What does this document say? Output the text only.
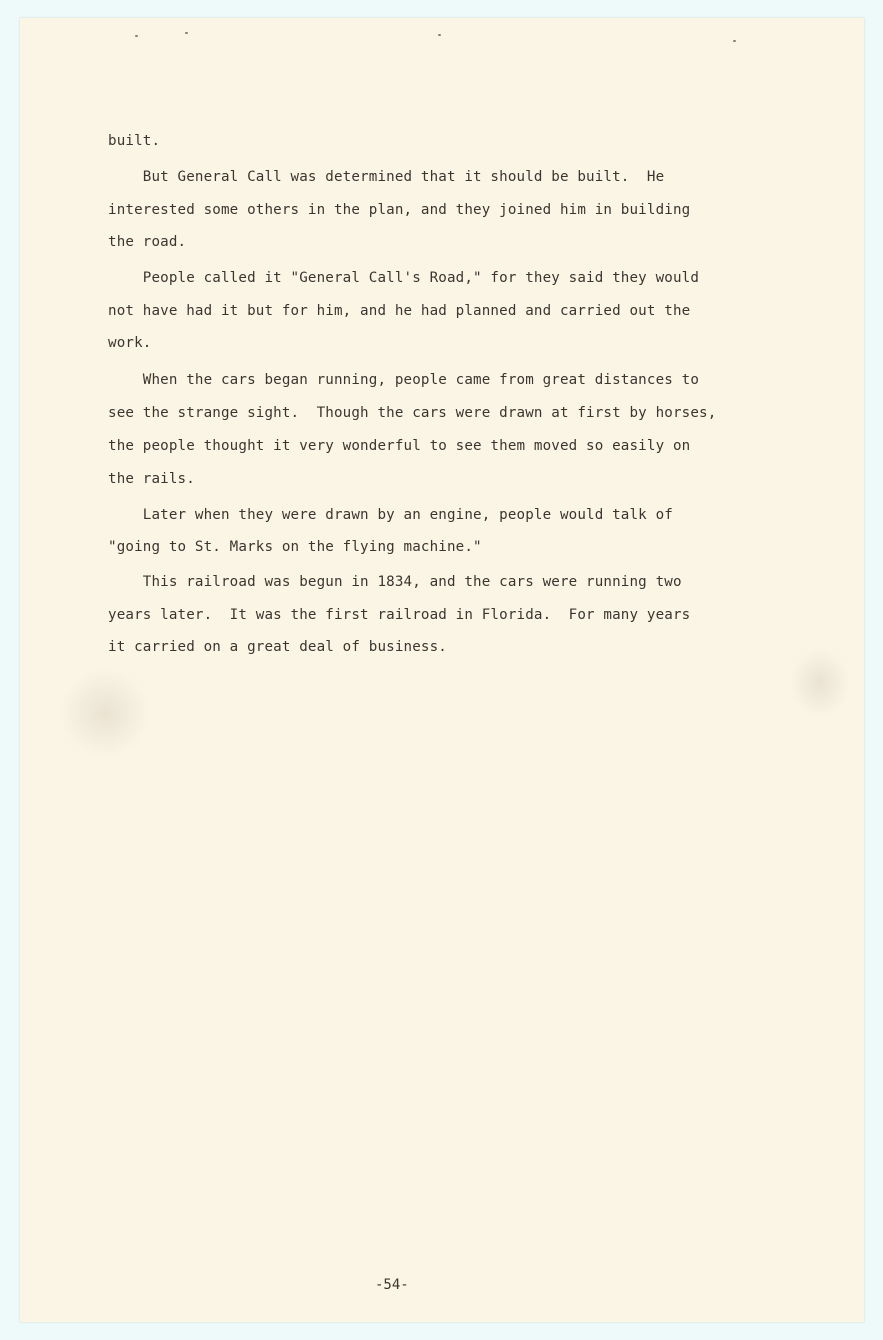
built.
But General Call was determined that it should be built.  He
interested some others in the plan, and they joined him in building
the road.
People called it "General Call's Road," for they said they would
not have had it but for him, and he had planned and carried out the
work.
When the cars began running, people came from great distances to
see the strange sight.  Though the cars were drawn at first by horses,
the people thought it very wonderful to see them moved so easily on
the rails.
Later when they were drawn by an engine, people would talk of
"going to St. Marks on the flying machine."
This railroad was begun in 1834, and the cars were running two
years later.  It was the first railroad in Florida.  For many years
it carried on a great deal of business.
-54-
